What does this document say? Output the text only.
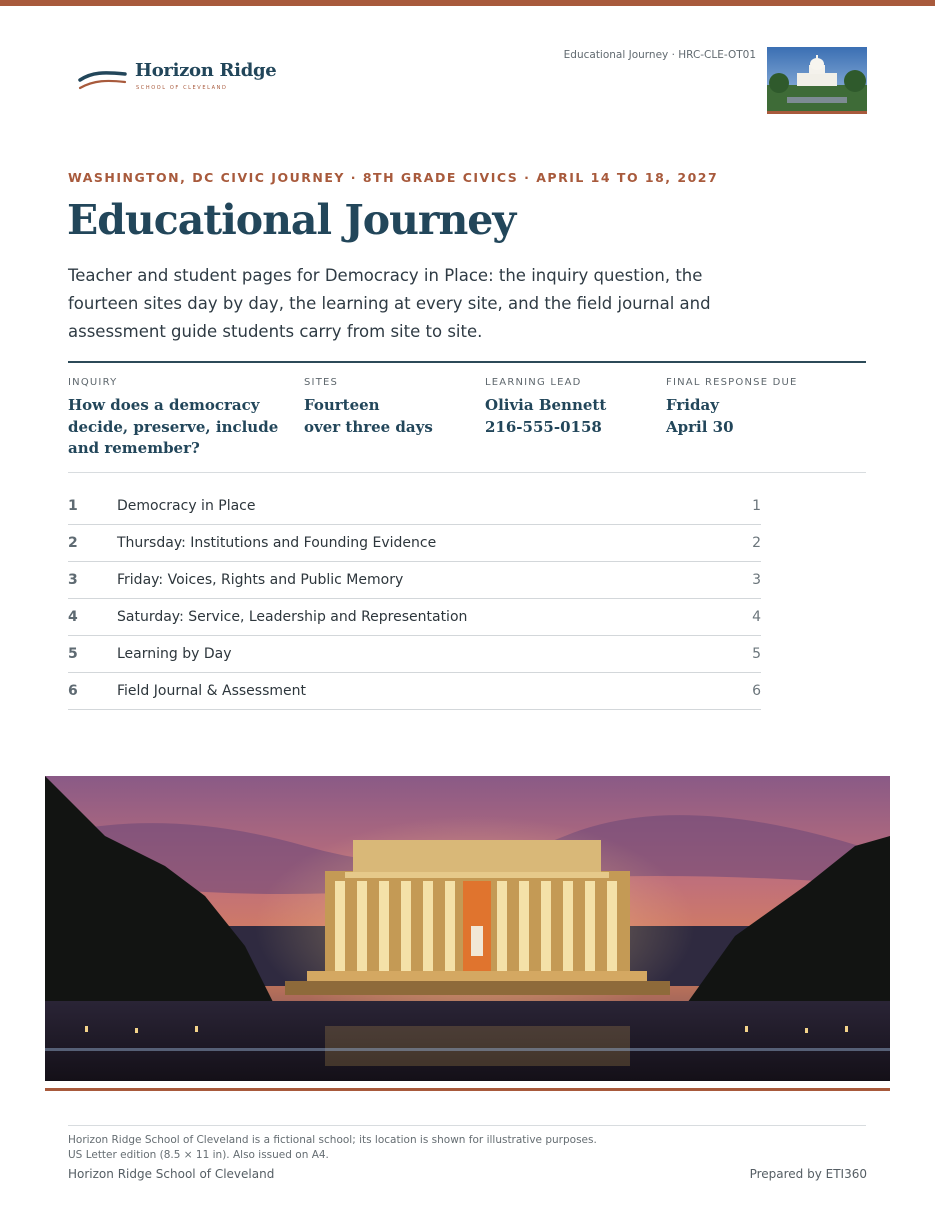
Horizon Ridge
SCHOOL OF CLEVELAND
Educational Journey · HRC-CLE-OT01
WASHINGTON, DC CIVIC JOURNEY · 8TH GRADE CIVICS · APRIL 14 TO 18, 2027
Educational Journey

Teacher and student pages for Democracy in Place: the inquiry question, the fourteen sites day by day, the learning at every site, and the field journal and assessment guide students carry from site to site.

INQUIRY
How does a democracy
decide, preserve, include
and remember?
SITES
Fourteen
over three days
LEARNING LEAD
Olivia Bennett
216-555-0158
FINAL RESPONSE DUE
Friday
April 30
1	Democracy in Place	1
2	Thursday: Institutions and Founding Evidence	2
3	Friday: Voices, Rights and Public Memory	3
4	Saturday: Service, Leadership and Representation	4
5	Learning by Day	5
6	Field Journal & Assessment	6
Horizon Ridge School of Cleveland is a fictional school; its location is shown for illustrative purposes.
US Letter edition (8.5 × 11 in). Also issued on A4.
Horizon Ridge School of Cleveland	Prepared by ETI360
